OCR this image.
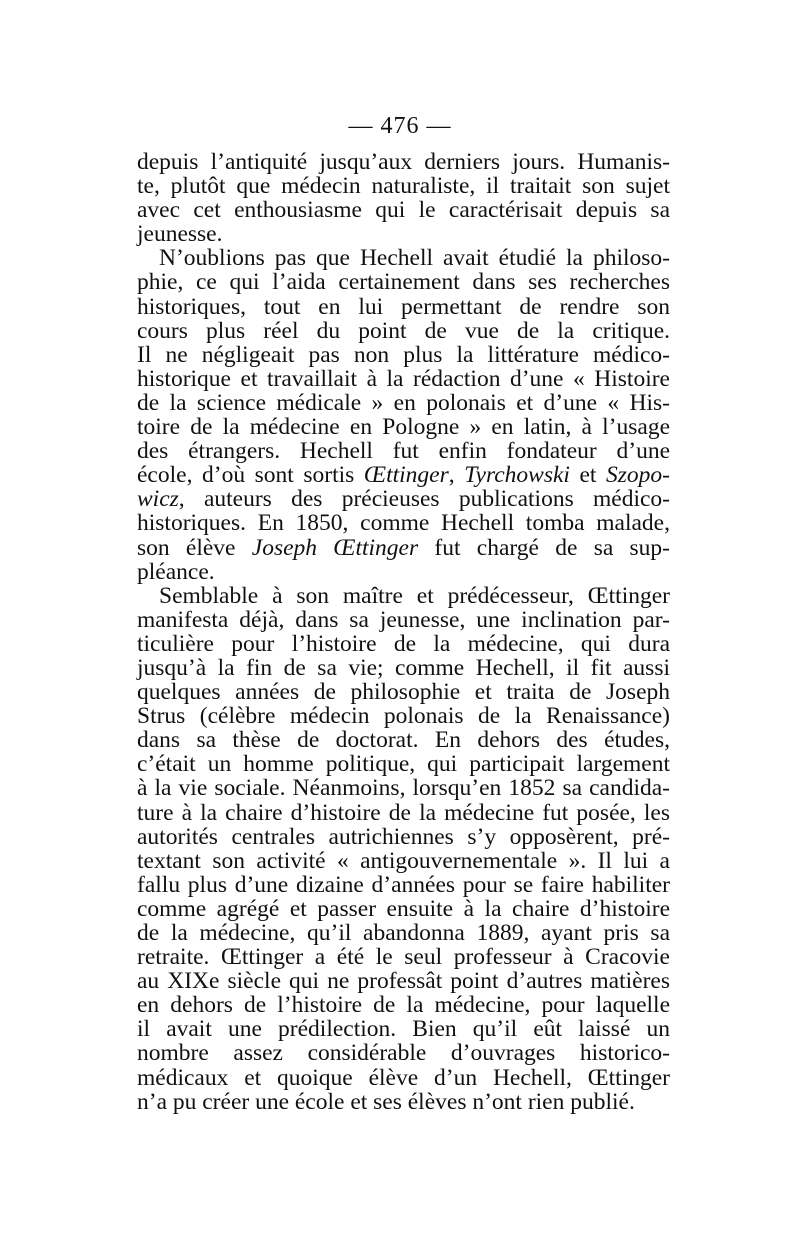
— 476 —
depuis l’antiquité jusqu’aux derniers jours. Humanis-
te, plutôt que médecin naturaliste, il traitait son sujet
avec cet enthousiasme qui le caractérisait depuis sa
jeunesse.
N’oublions pas que Hechell avait étudié la philoso-
phie, ce qui l’aida certainement dans ses recherches
historiques, tout en lui permettant de rendre son
cours plus réel du point de vue de la critique.
Il ne négligeait pas non plus la littérature médico-
historique et travaillait à la rédaction d’une « Histoire
de la science médicale » en polonais et d’une « His-
toire de la médecine en Pologne » en latin, à l’usage
des étrangers. Hechell fut enfin fondateur d’une
école, d’où sont sortis Œttinger, Tyrchowski et Szopo-
wicz, auteurs des précieuses publications médico-
historiques. En 1850, comme Hechell tomba malade,
son élève Joseph Œttinger fut chargé de sa sup-
pléance.
Semblable à son maître et prédécesseur, Œttinger
manifesta déjà, dans sa jeunesse, une inclination par-
ticulière pour l’histoire de la médecine, qui dura
jusqu’à la fin de sa vie; comme Hechell, il fit aussi
quelques années de philosophie et traita de Joseph
Strus (célèbre médecin polonais de la Renaissance)
dans sa thèse de doctorat. En dehors des études,
c’était un homme politique, qui participait largement
à la vie sociale. Néanmoins, lorsqu’en 1852 sa candida-
ture à la chaire d’histoire de la médecine fut posée, les
autorités centrales autrichiennes s’y opposèrent, pré-
textant son activité « antigouvernementale ». Il lui a
fallu plus d’une dizaine d’années pour se faire habiliter
comme agrégé et passer ensuite à la chaire d’histoire
de la médecine, qu’il abandonna 1889, ayant pris sa
retraite. Œttinger a été le seul professeur à Cracovie
au XIXe siècle qui ne professât point d’autres matières
en dehors de l’histoire de la médecine, pour laquelle
il avait une prédilection. Bien qu’il eût laissé un
nombre assez considérable d’ouvrages historico-
médicaux et quoique élève d’un Hechell, Œttinger
n’a pu créer une école et ses élèves n’ont rien publié.
